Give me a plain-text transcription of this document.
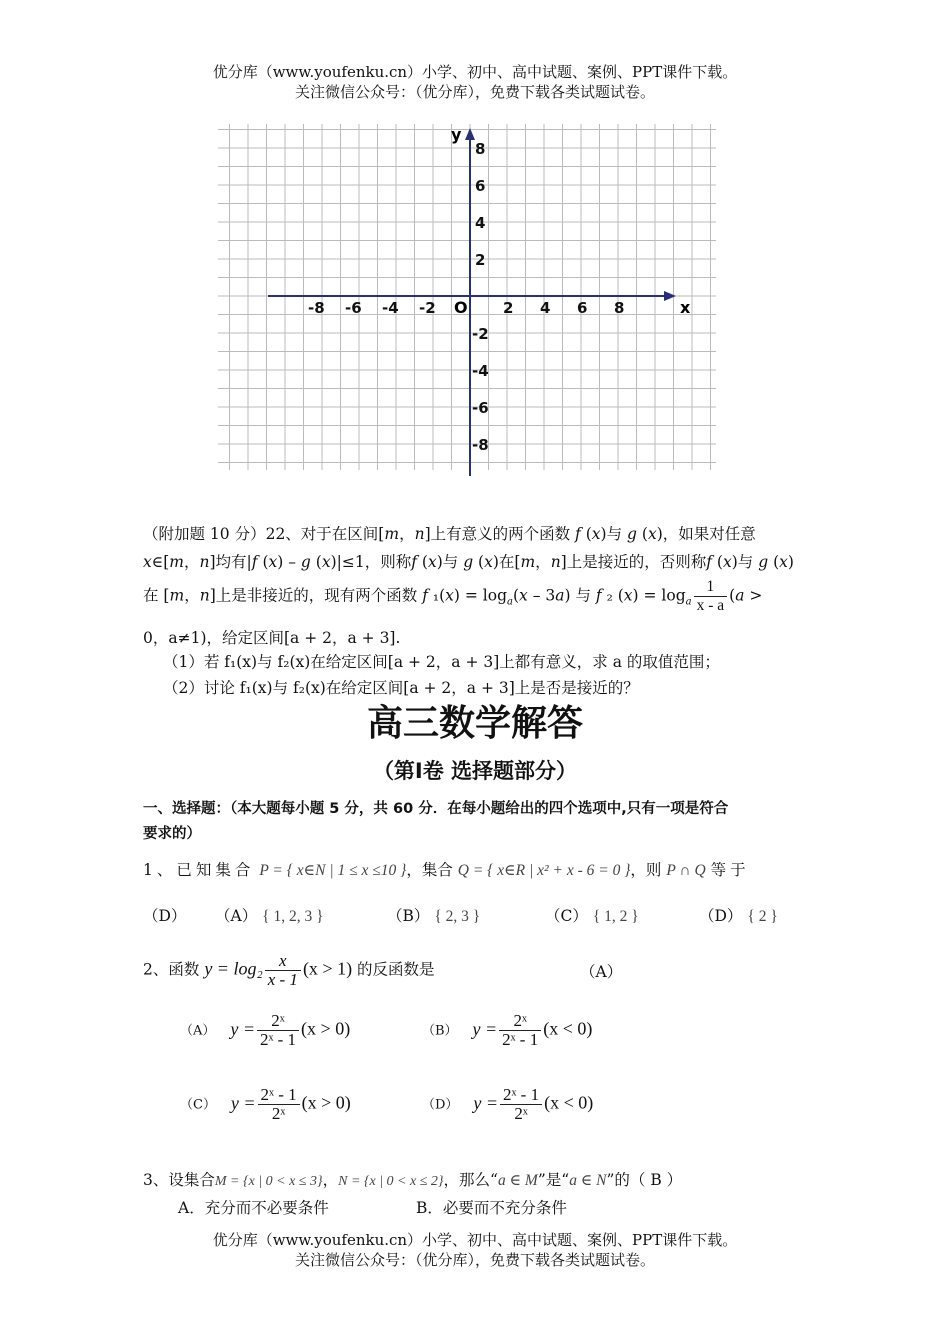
优分库（www.youfenku.cn）小学、初中、高中试题、案例、PPT课件下载。
关注微信公众号：（优分库），免费下载各类试题试卷。
-8 -6 -4 -2	2 4 6 8
8
6
4
2
-2
-4
-6
-8
x
y
O
（附加题 10 分）22、对于在区间[m，n]上有意义的两个函数 f (x)与 g (x)，如果对任意
x∈[m，n]均有|f (x) – g (x)|≤1，则称f (x)与 g (x)在[m，n]上是接近的，否则称f (x)与 g (x)
在 [m，n]上是非接近的，现有两个函数 f $_1(x) = \log_a(x - 3a)$ 与 f ₂ $(x) = \log_a \frac{1}{x - a} (a$ >
0，a≠1)，给定区间[a + 2，a + 3].
（1）若 f₁(x)与 f₂(x)在给定区间[a + 2，a + 3]上都有意义，求 a 的取值范围；
（2）讨论 f₁(x)与 f₂(x)在给定区间[a + 2，a + 3]上是否是接近的？
高三数学解答
（第Ⅰ卷 选择题部分）
一、选择题：（本大题每小题 5 分，共 60 分．在每小题给出的四个选项中,只有一项是符合
要求的）
1、已知集合 P = { x∈N | 1 ≤ x ≤10 }，集合 Q = { x∈R | x² + x - 6 = 0 }，则 P ∩ Q 等于
（D） （A） { 1, 2, 3 }	（B） { 2, 3 }	（C） { 1, 2 }	（D） { 2 }
2、函数 $y = \log_2 \frac{x}{x - 1} (x > 1)$ 的反函数是	（A）
（A） $y = \frac{\text{2ˣ}}{\text{2ˣ - 1}} (x > 0)$	（B） $y = \frac{\text{2ˣ}}{\text{2ˣ - 1}} (x < 0)$
（C） $y = \frac{\text{2ˣ - 1}}{\text{2ˣ}} (x > 0)$	（D） $y = \frac{\text{2ˣ - 1}}{\text{2ˣ}} (x < 0)$
3、设集合M = {x | 0 < x ≤ 3}，N = {x | 0 < x ≤ 2}，那么“a ∈ M”是“a ∈ N”的（ B ）
A．充分而不必要条件	B．必要而不充分条件
优分库（www.youfenku.cn）小学、初中、高中试题、案例、PPT课件下载。
关注微信公众号：（优分库），免费下载各类试题试卷。
